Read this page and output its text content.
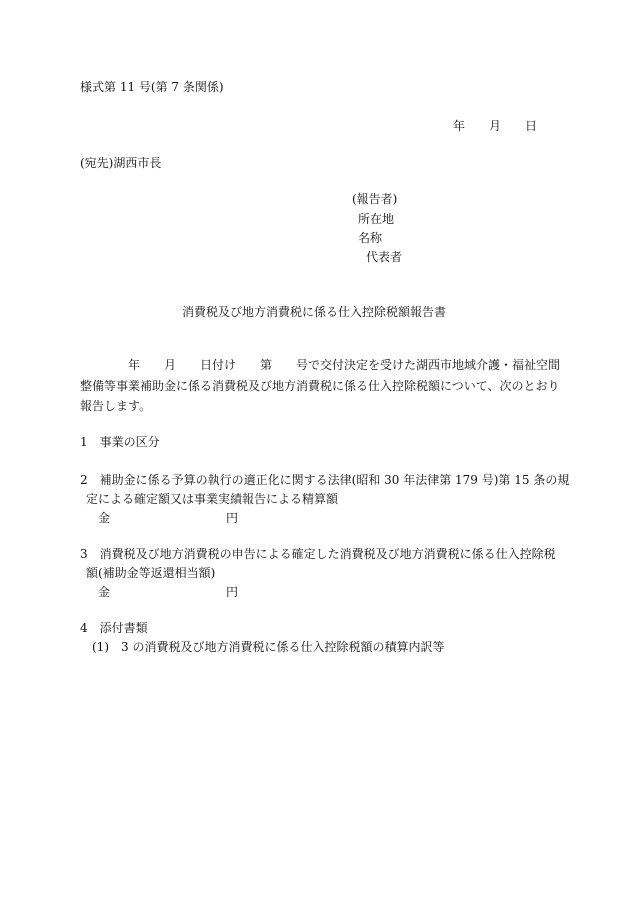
様式第 11 号(第 7 条関係)
年　　月　　日
(宛先)湖西市長
(報告者)
所在地
名称
代表者
消費税及び地方消費税に係る仕入控除税額報告書
　　　　年　　月　　日付け　　第　　号で交付決定を受けた湖西市地域介護・福祉空間
整備等事業補助金に係る消費税及び地方消費税に係る仕入控除税額について、次のとおり
報告します。
1　事業の区分
2　補助金に係る予算の執行の適正化に関する法律(昭和 30 年法律第 179 号)第 15 条の規
定による確定額又は事業実績報告による精算額
金	円
3　消費税及び地方消費税の申告による確定した消費税及び地方消費税に係る仕入控除税
額(補助金等返還相当額)
金	円
4　添付書類
(1)　3 の消費税及び地方消費税に係る仕入控除税額の積算内訳等
